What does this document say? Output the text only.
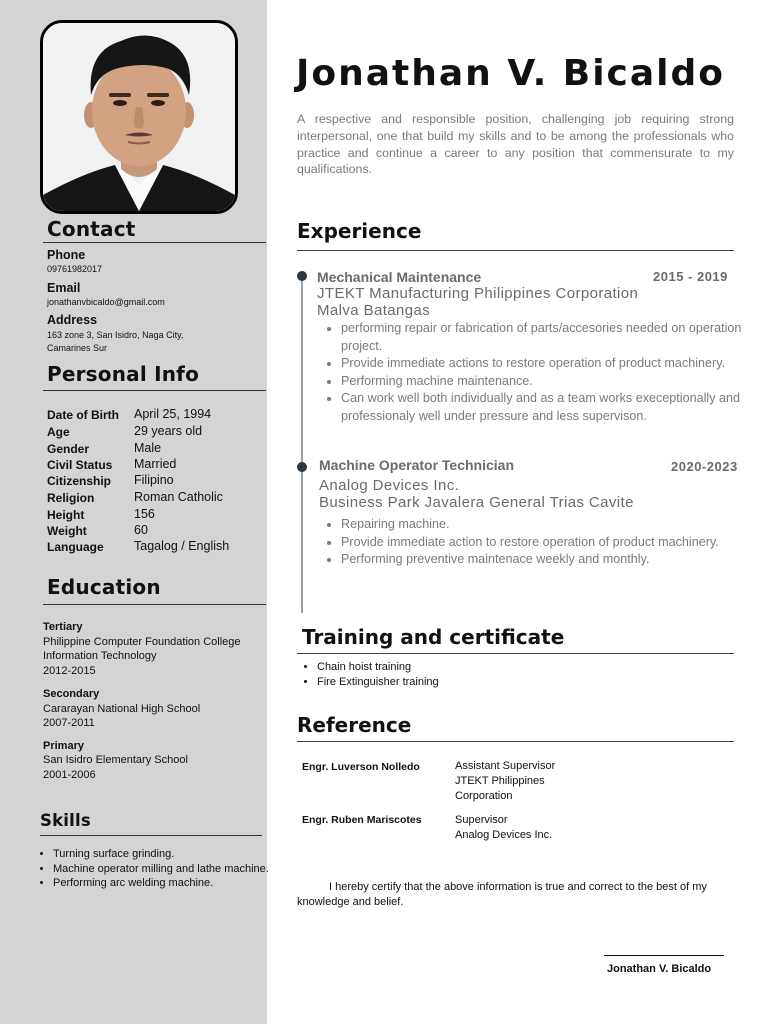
Contact
Phone
09761982017
Email
jonathanvbicaldo@gmail.com
Address
163 zone 3, San Isidro, Naga City,
Camarines Sur
Personal Info
Date of Birth April 25, 1994
Age	29 years old
Gender	Male
Civil Status Married
Citizenship Filipino
Religion	Roman Catholic
Height	156
Weight	60
Language Tagalog / English
Education
Tertiary
Philippine Computer Foundation College
Information Technology
2012-2015
Secondary
Cararayan National High School
2007-2011
Primary
San Isidro Elementary School
2001-2006
Skills
• Turning surface grinding.
• Machine operator milling and lathe machine.
• Performing arc welding machine.
Jonathan V. Bicaldo
A respective and responsible position, challenging job requiring strong interpersonal, one that build my skills and to be among the professionals who practice and continue a career to any position that commensurate to my qualifications.
Experience
Mechanical Maintenance	2015 - 2019
JTEKT Manufacturing Philippines Corporation
Malva Batangas
• performing repair or fabrication of parts/accesories needed on operation project.
• Provide immediate actions to restore operation of product machinery.
• Performing machine maintenance.
• Can work well both individually and as a team works execeptionally and professionaly well under pressure and less supervison.
Machine Operator Technician	2020-2023
Analog Devices Inc.
Business Park Javalera General Trias Cavite
• Repairing machine.
• Provide immediate action to restore operation of product machinery.
• Performing preventive maintenace weekly and monthly.
Training and certificate
• Chain hoist training
• Fire Extinguisher training
Reference
Engr. Luverson Nolledo	Assistant Supervisor
JTEKT Philippines
Corporation
Engr. Ruben Mariscotes	Supervisor
Analog Devices Inc.
I hereby certify that the above information is true and correct to the best of my knowledge and belief.
Jonathan V. Bicaldo
